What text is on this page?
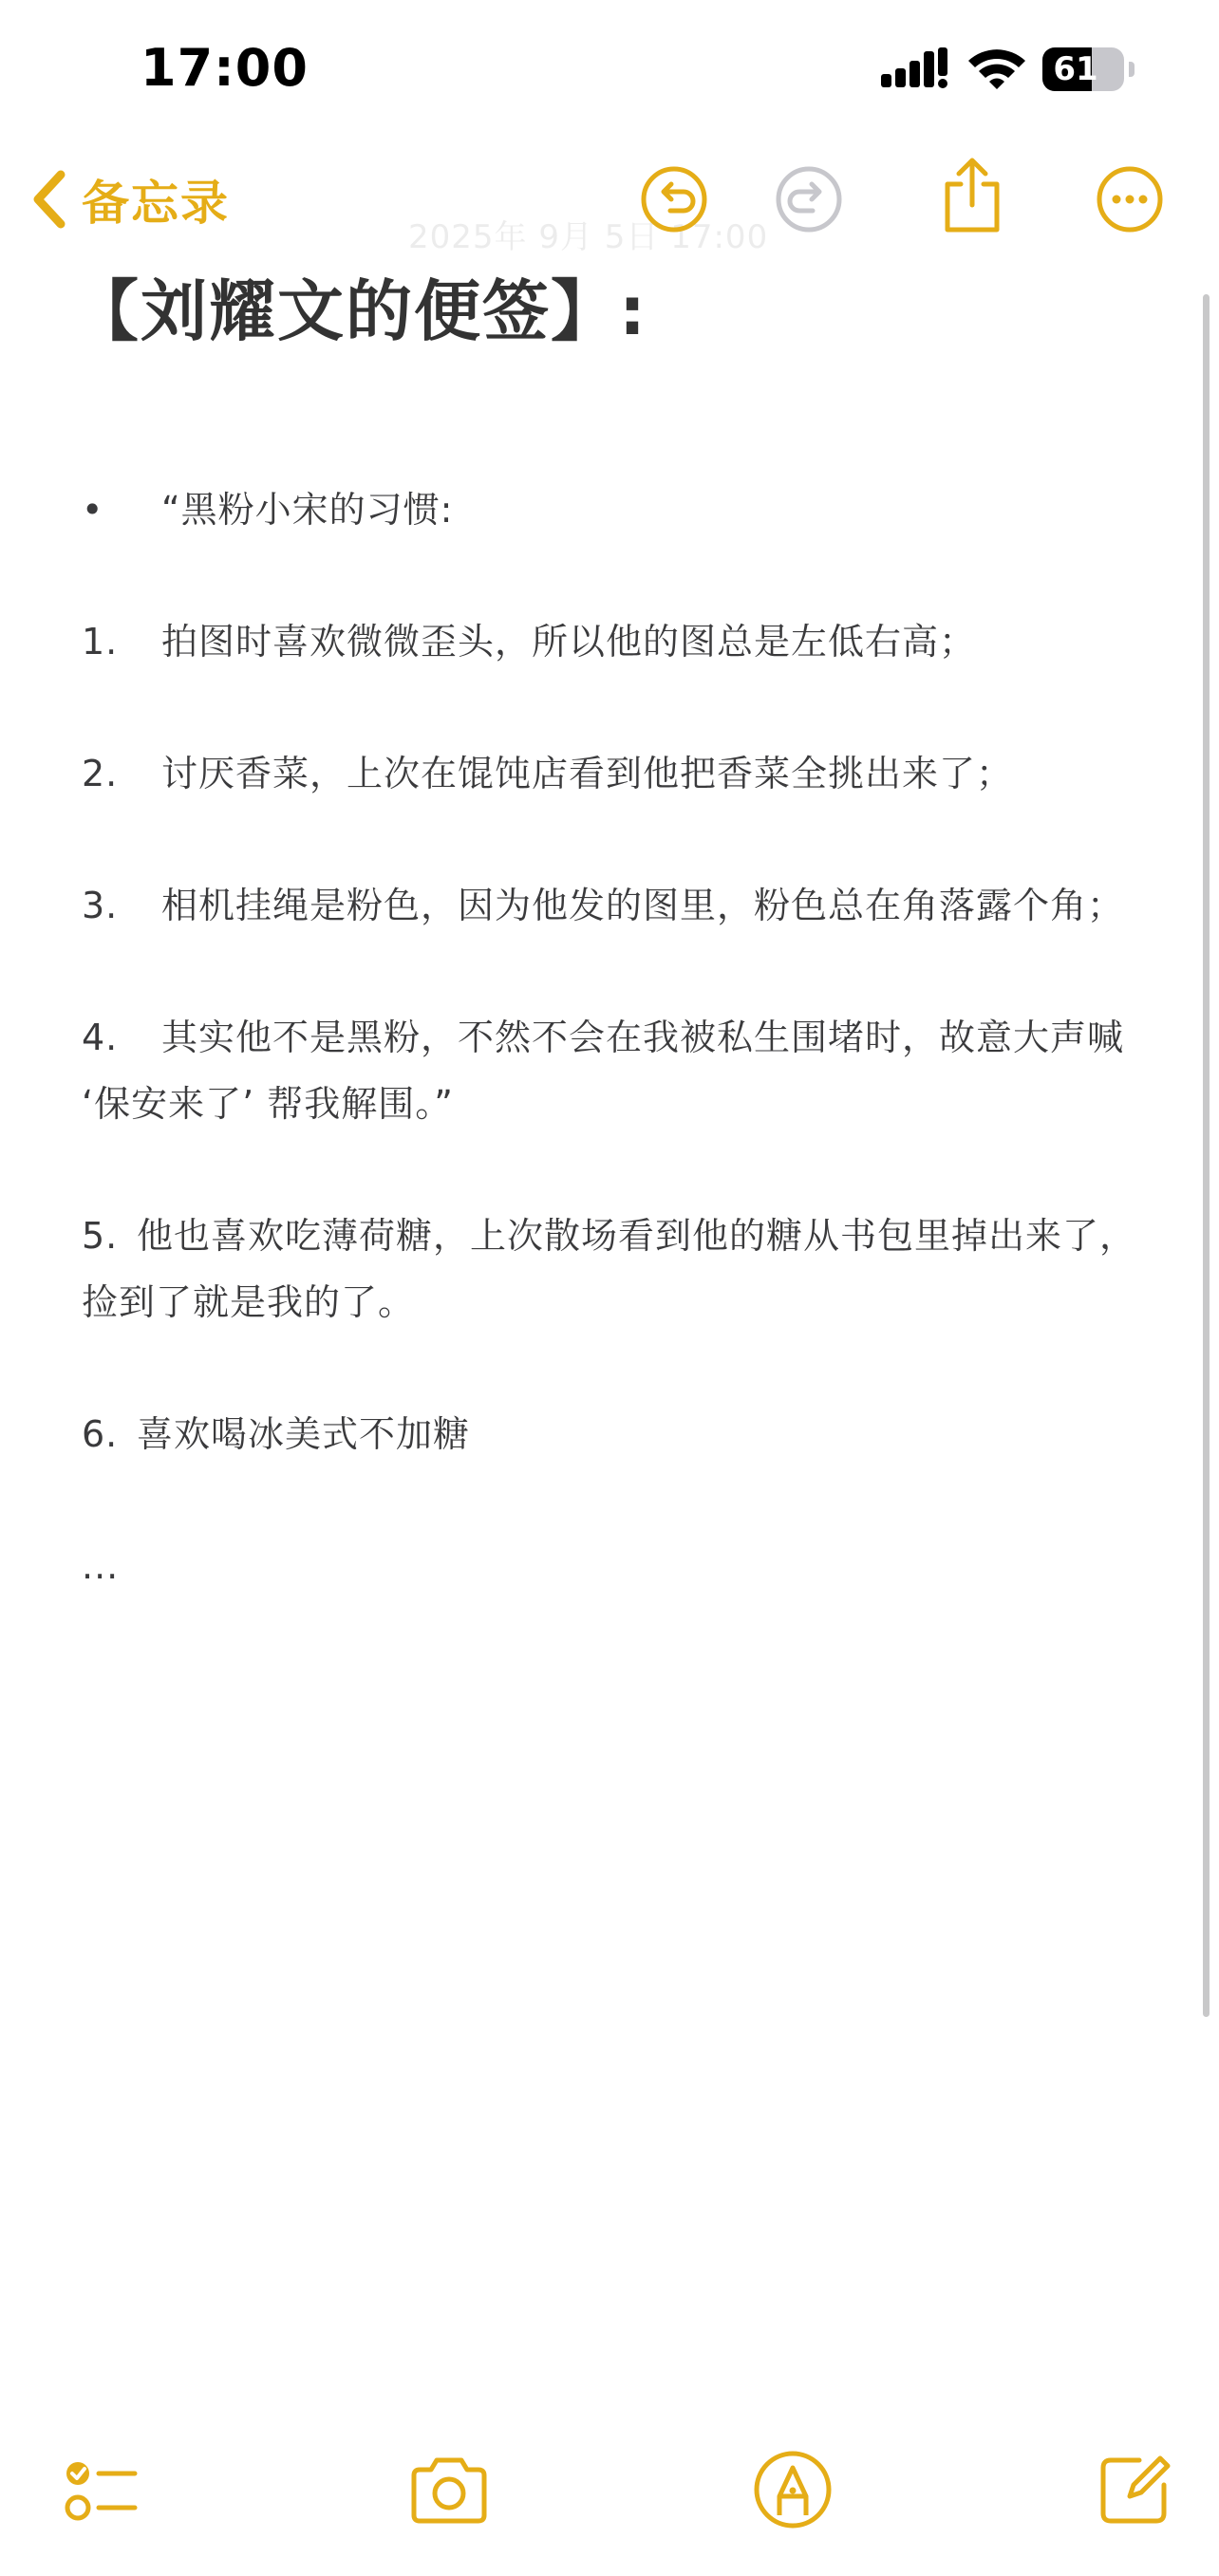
17:00	61
2025年 9月 5日 17:00
备忘录
【刘耀文的便签】:
•	“黑粉小宋的习惯:
1. 拍图时喜欢微微歪头，所以他的图总是左低右高；
2. 讨厌香菜，上次在馄饨店看到他把香菜全挑出来了；
3. 相机挂绳是粉色，因为他发的图里，粉色总在角落露个角；
4. 其实他不是黑粉，不然不会在我被私生围堵时，故意大声喊 ‘保安来了’ 帮我解围。”
5. 他也喜欢吃薄荷糖，上次散场看到他的糖从书包里掉出来了，捡到了就是我的了。
6. 喜欢喝冰美式不加糖
...
